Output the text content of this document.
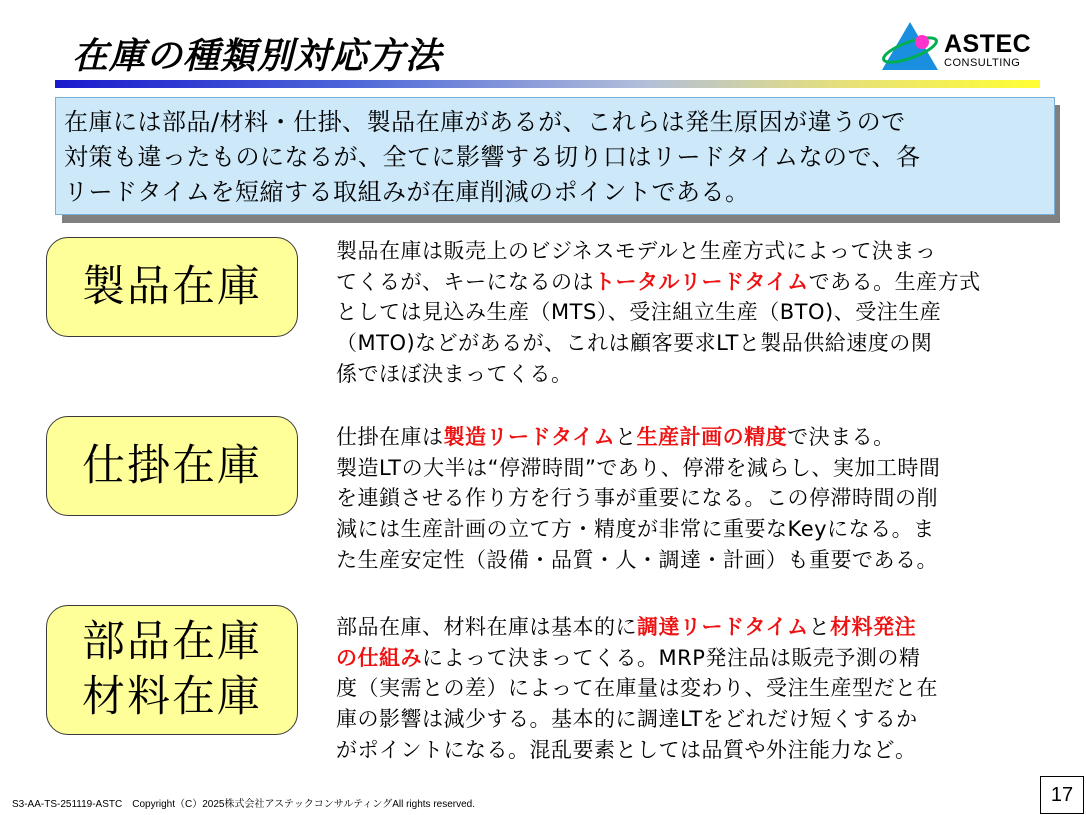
在庫の種類別対応方法	ASTEC
CONSULTING
在庫には部品/材料・仕掛、製品在庫があるが、これらは発生原因が違うので
対策も違ったものになるが、全てに影響する切り口はリードタイムなので、各
リードタイムを短縮する取組みが在庫削減のポイントである。
製品在庫
製品在庫は販売上のビジネスモデルと生産方式によって決まっ
てくるが、キーになるのはトータルリードタイムである。生産方式
としては見込み生産（MTS）、受注組立生産（BTO)、受注生産
（MTO)などがあるが、これは顧客要求LTと製品供給速度の関
係でほぼ決まってくる。
仕掛在庫
仕掛在庫は製造リードタイムと生産計画の精度で決まる。
製造LTの大半は“停滞時間”であり、停滞を減らし、実加工時間
を連鎖させる作り方を行う事が重要になる。この停滞時間の削
減には生産計画の立て方・精度が非常に重要なKeyになる。ま
た生産安定性（設備・品質・人・調達・計画）も重要である。
部品在庫
材料在庫
部品在庫、材料在庫は基本的に調達リードタイムと材料発注
の仕組みによって決まってくる。MRP発注品は販売予測の精
度（実需との差）によって在庫量は変わり、受注生産型だと在
庫の影響は減少する。基本的に調達LTをどれだけ短くするか
がポイントになる。混乱要素としては品質や外注能力など。
S3-AA-TS-251119-ASTC　Copyright（C）2025株式会社アステックコンサルティングAll rights reserved.	17
